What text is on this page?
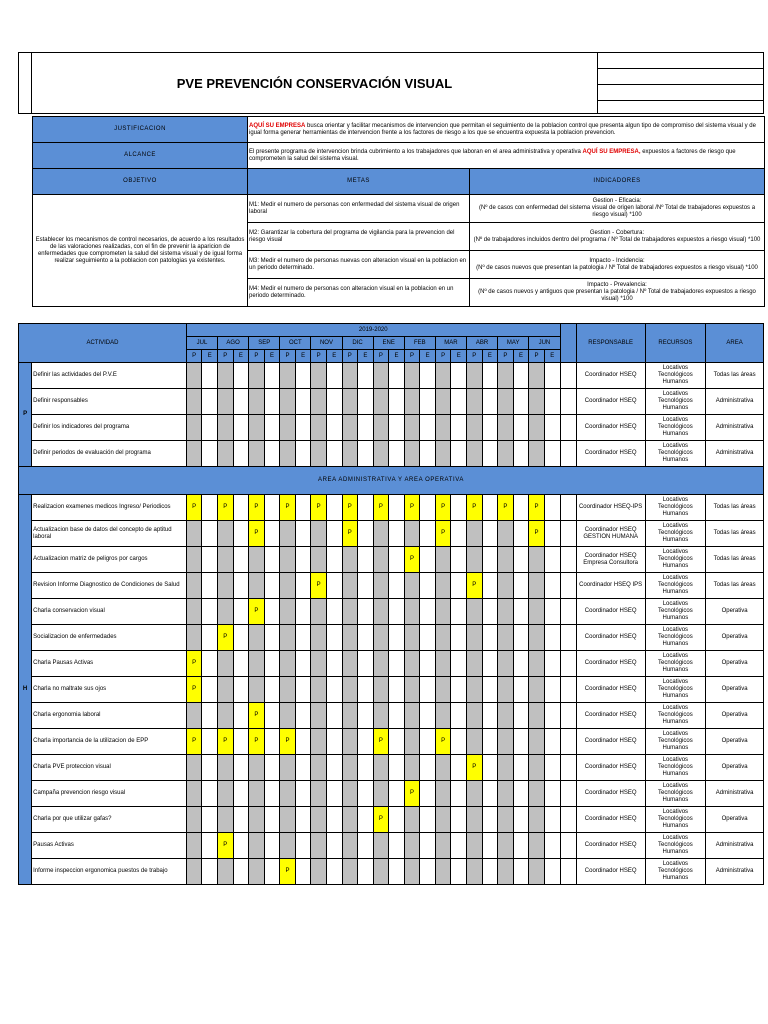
PVE PREVENCIÓN CONSERVACIÓN VISUAL
JUSTIFICACION	AQUÍ SU EMPRESA busca orientar y facilitar mecanismos de intervencion que permitan el seguimiento de la poblacion control que presenta algun tipo de compromiso del sistema visual y de igual forma generar herramientas de intervencion frente a los factores de riesgo a los que se encuentra expuesta la poblacion prevencion.	
ALCANCE	El presente programa de intervencion brinda cubrimiento a los trabajadores que laboran en el area administrativa y operativa AQUÍ SU EMPRESA, expuestos a factores de riesgo que comprometen la salud del sistema visual.	
OBJETIVO	METAS	INDICADORES
Establecer los mecanismos de control necesarios, de acuerdo a los resultados de las valoraciones realizadas, con el fin de prevenir la aparicion de enfermedades que comprometen la salud del sistema visual y de igual forma realizar seguimiento a la poblacion con patologias ya existentes.	M1: Medir el numero de personas con enfermedad del sistema visual de origen laboral	Gestion - Eficacia:
(Nº de casos con enfermedad del sistema visual de origen laboral /Nº Total de trabajadores expuestos a riesgo visual) *100

	M2: Garantizar la cobertura del programa de vigilancia para la prevencion del riesgo visual	Gestion - Cobertura:
(Nº de trabajadores incluidos dentro del programa / Nº Total de trabajadores expuestos a riesgo visual) *100

	M3: Medir el numero de personas nuevas con alteracion visual en la poblacion en un periodo determinado.	Impacto - Incidencia:
(Nº de casos nuevos que presentan la patologia / Nº Total de trabajadores expuestos a riesgo visual) *100

	M4: Medir el numero de personas con alteracion visual en la poblacion en un periodo determinado.	Impacto - Prevalencia:
(Nº de casos nuevos y antiguos que presentan la patologia / Nº Total de trabajadores expuestos a riesgo visual) *100
ACTIVIDAD		2019-2020																									RESPONSABLE	RECURSOS	AREA
		JUL		AGO		SEP		OCT		NOV		DIC		ENE		FEB		MAR		ABR		MAY		JUN					
		P	E	P	E	P	E	P	E	P	E	P	E	P	E	P	E	P	E	P	E	P	E	P	E				
P	Definir las actividades del P.V.E																										Coordinador HSEQ	Locativos Tecnológicos Humanos	Todas las áreas
	Definir responsables																										Coordinador HSEQ	Locativos Tecnológicos Humanos	Administrativa
	Definir los indicadores del programa																										Coordinador HSEQ	Locativos Tecnológicos Humanos	Administrativa
	Definir periodos de evaluación del programa																										Coordinador HSEQ	Locativos Tecnológicos Humanos	Administrativa
AREA ADMINISTRATIVA Y AREA OPERATIVA																													
H	Realizacion examenes medicos Ingreso/ Periodicos	P		P		P		P		P		P		P		P		P		P		P		P			Coordinador HSEQ-IPS	Locativos Tecnológicos Humanos	Todas las áreas
	Actualizacion base de datos del concepto de aptitud laboral					P						P						P						P			Coordinador HSEQ GESTION HUMANA	Locativos Tecnológicos Humanos	Todas las áreas
	Actualizacion matriz de peligros por cargos															P											Coordinador HSEQ Empresa Consultora	Locativos Tecnológicos Humanos	Todas las áreas
	Revision Informe Diagnostico de Condiciones de Salud									P										P							Coordinador HSEQ IPS	Locativos Tecnológicos Humanos	Todas las áreas
	Charla conservacion visual					P																					Coordinador HSEQ	Locativos Tecnológicos Humanos	Operativa
	Socializacion de enfermedades			P																							Coordinador HSEQ	Locativos Tecnológicos Humanos	Operativa
	Charla Pausas Activas	P																									Coordinador HSEQ	Locativos Tecnológicos Humanos	Operativa
	Charla no maltrate sus ojos	P																									Coordinador HSEQ	Locativos Tecnológicos Humanos	Operativa
	Charla ergonomia laboral					P																					Coordinador HSEQ	Locativos Tecnológicos Humanos	Operativa
	Charla importancia de la utilizacion de EPP	P		P		P		P						P				P									Coordinador HSEQ	Locativos Tecnológicos Humanos	Operativa
	Charla PVE proteccion visual																			P							Coordinador HSEQ	Locativos Tecnológicos Humanos	Operativa
	Campaña prevencion riesgo visual															P											Coordinador HSEQ	Locativos Tecnológicos Humanos	Administrativa
	Charla por que utilizar gafas?													P													Coordinador HSEQ	Locativos Tecnológicos Humanos	Operativa
	Pausas Activas			P																							Coordinador HSEQ	Locativos Tecnológicos Humanos	Administrativa
	Informe inspeccion ergonomica puestos de trabajo							P																			Coordinador HSEQ	Locativos Tecnológicos Humanos	Administrativa
